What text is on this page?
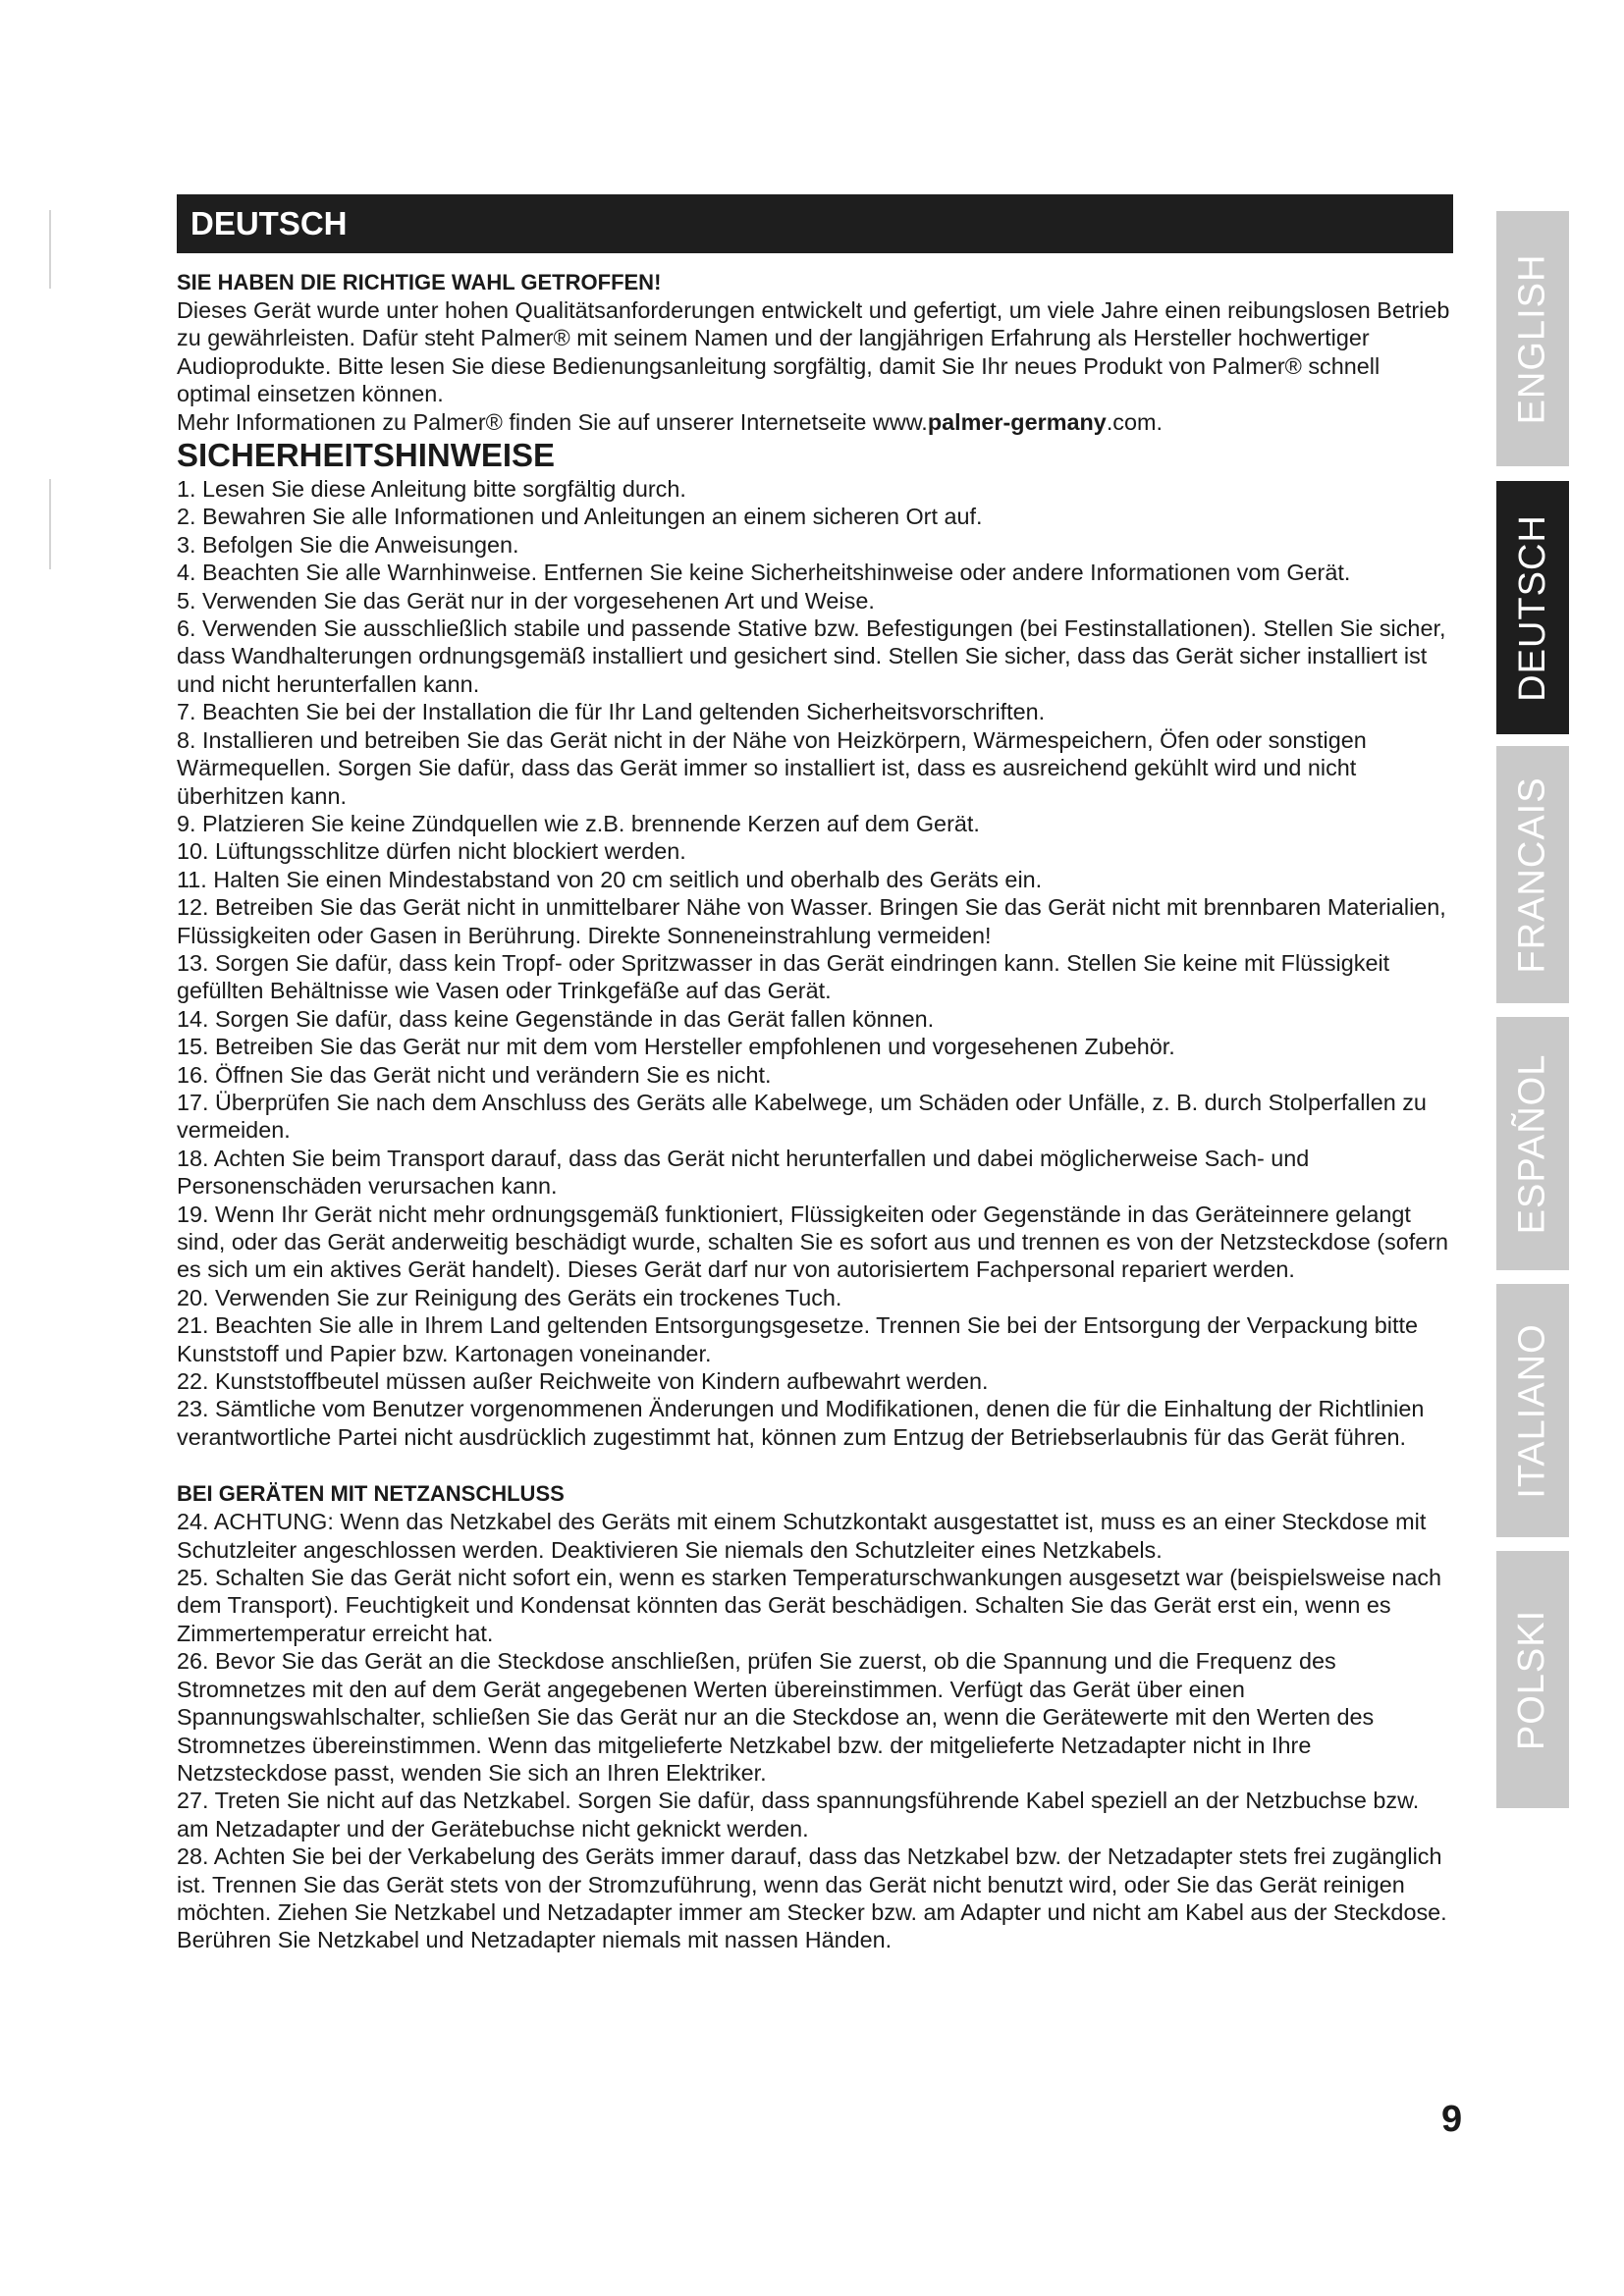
DEUTSCH

SIE HABEN DIE RICHTIGE WAHL GETROFFEN!

Dieses Gerät wurde unter hohen Qualitätsanforderungen entwickelt und gefertigt, um viele Jahre einen reibungslosen Betrieb zu gewährleisten. Dafür steht Palmer® mit seinem Namen und der langjährigen Erfahrung als Hersteller hochwertiger Audioprodukte. Bitte lesen Sie diese Bedienungsanleitung sorgfältig, damit Sie Ihr neues Produkt von Palmer® schnell optimal einsetzen können.

Mehr Informationen zu Palmer® finden Sie auf unserer Internetseite www.palmer-germany.com.

SICHERHEITSHINWEISE

1. Lesen Sie diese Anleitung bitte sorgfältig durch.

2. Bewahren Sie alle Informationen und Anleitungen an einem sicheren Ort auf.

3. Befolgen Sie die Anweisungen.

4. Beachten Sie alle Warnhinweise. Entfernen Sie keine Sicherheitshinweise oder andere Informationen vom Gerät.

5. Verwenden Sie das Gerät nur in der vorgesehenen Art und Weise.

6. Verwenden Sie ausschließlich stabile und passende Stative bzw. Befestigungen (bei Festinstallationen). Stellen Sie sicher, dass Wandhalterungen ordnungsgemäß installiert und gesichert sind. Stellen Sie sicher, dass das Gerät sicher installiert ist und nicht herunterfallen kann.

7. Beachten Sie bei der Installation die für Ihr Land geltenden Sicherheitsvorschriften.

8. Installieren und betreiben Sie das Gerät nicht in der Nähe von Heizkörpern, Wärmespeichern, Öfen oder sonstigen Wärmequellen. Sorgen Sie dafür, dass das Gerät immer so installiert ist, dass es ausreichend gekühlt wird und nicht überhitzen kann.

9. Platzieren Sie keine Zündquellen wie z.B. brennende Kerzen auf dem Gerät.

10. Lüftungsschlitze dürfen nicht blockiert werden.

11. Halten Sie einen Mindestabstand von 20 cm seitlich und oberhalb des Geräts ein.

12. Betreiben Sie das Gerät nicht in unmittelbarer Nähe von Wasser. Bringen Sie das Gerät nicht mit brennbaren Materialien, Flüssigkeiten oder Gasen in Berührung. Direkte Sonneneinstrahlung vermeiden!

13. Sorgen Sie dafür, dass kein Tropf- oder Spritzwasser in das Gerät eindringen kann. Stellen Sie keine mit Flüssigkeit gefüllten Behältnisse wie Vasen oder Trinkgefäße auf das Gerät.

14. Sorgen Sie dafür, dass keine Gegenstände in das Gerät fallen können.

15. Betreiben Sie das Gerät nur mit dem vom Hersteller empfohlenen und vorgesehenen Zubehör.

16. Öffnen Sie das Gerät nicht und verändern Sie es nicht.

17. Überprüfen Sie nach dem Anschluss des Geräts alle Kabelwege, um Schäden oder Unfälle, z. B. durch Stolperfallen zu vermeiden.

18. Achten Sie beim Transport darauf, dass das Gerät nicht herunterfallen und dabei möglicherweise Sach- und Personenschäden verursachen kann.

19. Wenn Ihr Gerät nicht mehr ordnungsgemäß funktioniert, Flüssigkeiten oder Gegenstände in das Geräteinnere gelangt sind, oder das Gerät anderweitig beschädigt wurde, schalten Sie es sofort aus und trennen es von der Netzsteckdose (sofern es sich um ein aktives Gerät handelt). Dieses Gerät darf nur von autorisiertem Fachpersonal repariert werden.

20. Verwenden Sie zur Reinigung des Geräts ein trockenes Tuch.

21. Beachten Sie alle in Ihrem Land geltenden Entsorgungsgesetze. Trennen Sie bei der Entsorgung der Verpackung bitte Kunststoff und Papier bzw. Kartonagen voneinander.

22. Kunststoffbeutel müssen außer Reichweite von Kindern aufbewahrt werden.

23. Sämtliche vom Benutzer vorgenommenen Änderungen und Modifikationen, denen die für die Einhaltung der Richtlinien verantwortliche Partei nicht ausdrücklich zugestimmt hat, können zum Entzug der Betriebserlaubnis für das Gerät führen.

BEI GERÄTEN MIT NETZANSCHLUSS

24. ACHTUNG: Wenn das Netzkabel des Geräts mit einem Schutzkontakt ausgestattet ist, muss es an einer Steckdose mit Schutzleiter angeschlossen werden. Deaktivieren Sie niemals den Schutzleiter eines Netzkabels.

25. Schalten Sie das Gerät nicht sofort ein, wenn es starken Temperaturschwankungen ausgesetzt war (beispielsweise nach dem Transport). Feuchtigkeit und Kondensat könnten das Gerät beschädigen. Schalten Sie das Gerät erst ein, wenn es Zimmertemperatur erreicht hat.

26. Bevor Sie das Gerät an die Steckdose anschließen, prüfen Sie zuerst, ob die Spannung und die Frequenz des Stromnetzes mit den auf dem Gerät angegebenen Werten übereinstimmen. Verfügt das Gerät über einen Spannungswahlschalter, schließen Sie das Gerät nur an die Steckdose an, wenn die Gerätewerte mit den Werten des Stromnetzes übereinstimmen. Wenn das mitgelieferte Netzkabel bzw. der mitgelieferte Netzadapter nicht in Ihre Netzsteckdose passt, wenden Sie sich an Ihren Elektriker.

27. Treten Sie nicht auf das Netzkabel. Sorgen Sie dafür, dass spannungsführende Kabel speziell an der Netzbuchse bzw. am Netzadapter und der Gerätebuchse nicht geknickt werden.

28. Achten Sie bei der Verkabelung des Geräts immer darauf, dass das Netzkabel bzw. der Netzadapter stets frei zugänglich ist. Trennen Sie das Gerät stets von der Stromzuführung, wenn das Gerät nicht benutzt wird, oder Sie das Gerät reinigen möchten. Ziehen Sie Netzkabel und Netzadapter immer am Stecker bzw. am Adapter und nicht am Kabel aus der Steckdose. Berühren Sie Netzkabel und Netzadapter niemals mit nassen Händen.

ENGLISH
DEUTSCH
FRANCAIS
ESPAÑOL
ITALIANO
POLSKI
9
